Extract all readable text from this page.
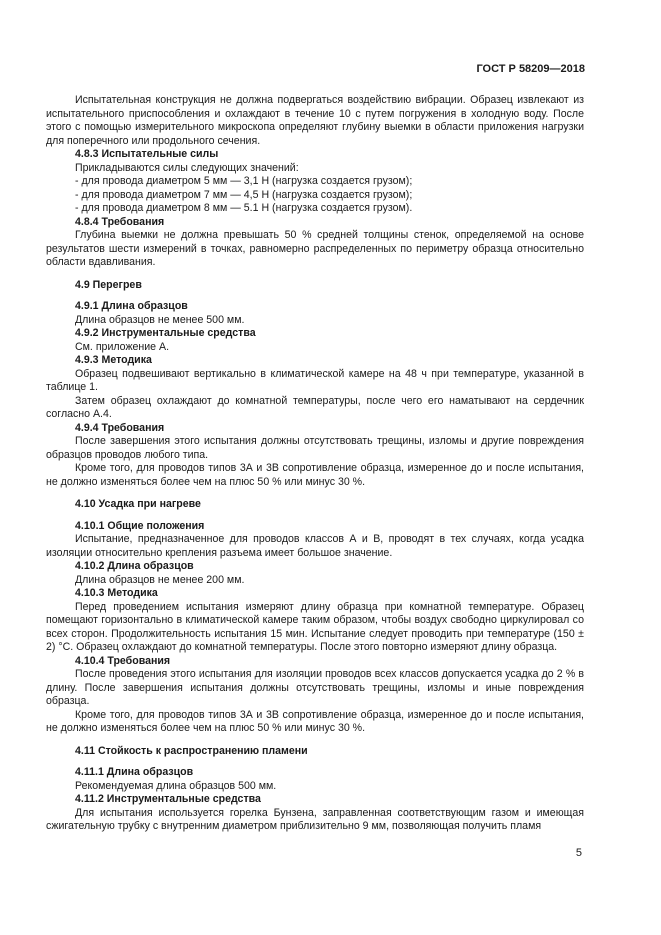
ГОСТ Р 58209—2018

Испытательная конструкция не должна подвергаться воздействию вибрации. Образец извлекают из испытательного приспособления и охлаждают в течение 10 с путем погружения в холодную воду. После этого с помощью измерительного микроскопа определяют глубину выемки в области приложения нагрузки для поперечного или продольного сечения.

4.8.3 Испытательные силы

Прикладываются силы следующих значений:

- для провода диаметром 5 мм — 3,1 Н (нагрузка создается грузом);

- для провода диаметром 7 мм — 4,5 Н (нагрузка создается грузом);

- для провода диаметром 8 мм — 5.1 Н (нагрузка создается грузом).

4.8.4 Требования

Глубина выемки не должна превышать 50 % средней толщины стенок, определяемой на основе результатов шести измерений в точках, равномерно распределенных по периметру образца относительно области вдавливания.

4.9 Перегрев

4.9.1 Длина образцов

Длина образцов не менее 500 мм.

4.9.2 Инструментальные средства

См. приложение А.

4.9.3 Методика

Образец подвешивают вертикально в климатической камере на 48 ч при температуре, указанной в таблице 1.

Затем образец охлаждают до комнатной температуры, после чего его наматывают на сердечник согласно А.4.

4.9.4 Требования

После завершения этого испытания должны отсутствовать трещины, изломы и другие повреждения образцов проводов любого типа.

Кроме того, для проводов типов 3А и 3В сопротивление образца, измеренное до и после испытания, не должно изменяться более чем на плюс 50 % или минус 30 %.

4.10 Усадка при нагреве

4.10.1 Общие положения

Испытание, предназначенное для проводов классов А и В, проводят в тех случаях, когда усадка изоляции относительно крепления разъема имеет большое значение.

4.10.2 Длина образцов

Длина образцов не менее 200 мм.

4.10.3 Методика

Перед проведением испытания измеряют длину образца при комнатной температуре. Образец помещают горизонтально в климатической камере таким образом, чтобы воздух свободно циркулировал со всех сторон. Продолжительность испытания 15 мин. Испытание следует проводить при температуре (150 ± 2) °С. Образец охлаждают до комнатной температуры. После этого повторно измеряют длину образца.

4.10.4 Требования

После проведения этого испытания для изоляции проводов всех классов допускается усадка до 2 % в длину. После завершения испытания должны отсутствовать трещины, изломы и иные повреждения образца.

Кроме того, для проводов типов 3А и 3В сопротивление образца, измеренное до и после испытания, не должно изменяться более чем на плюс 50 % или минус 30 %.

4.11 Стойкость к распространению пламени

4.11.1 Длина образцов

Рекомендуемая длина образцов 500 мм.

4.11.2 Инструментальные средства

Для испытания используется горелка Бунзена, заправленная соответствующим газом и имеющая сжигательную трубку с внутренним диаметром приблизительно 9 мм, позволяющая получить пламя

5
